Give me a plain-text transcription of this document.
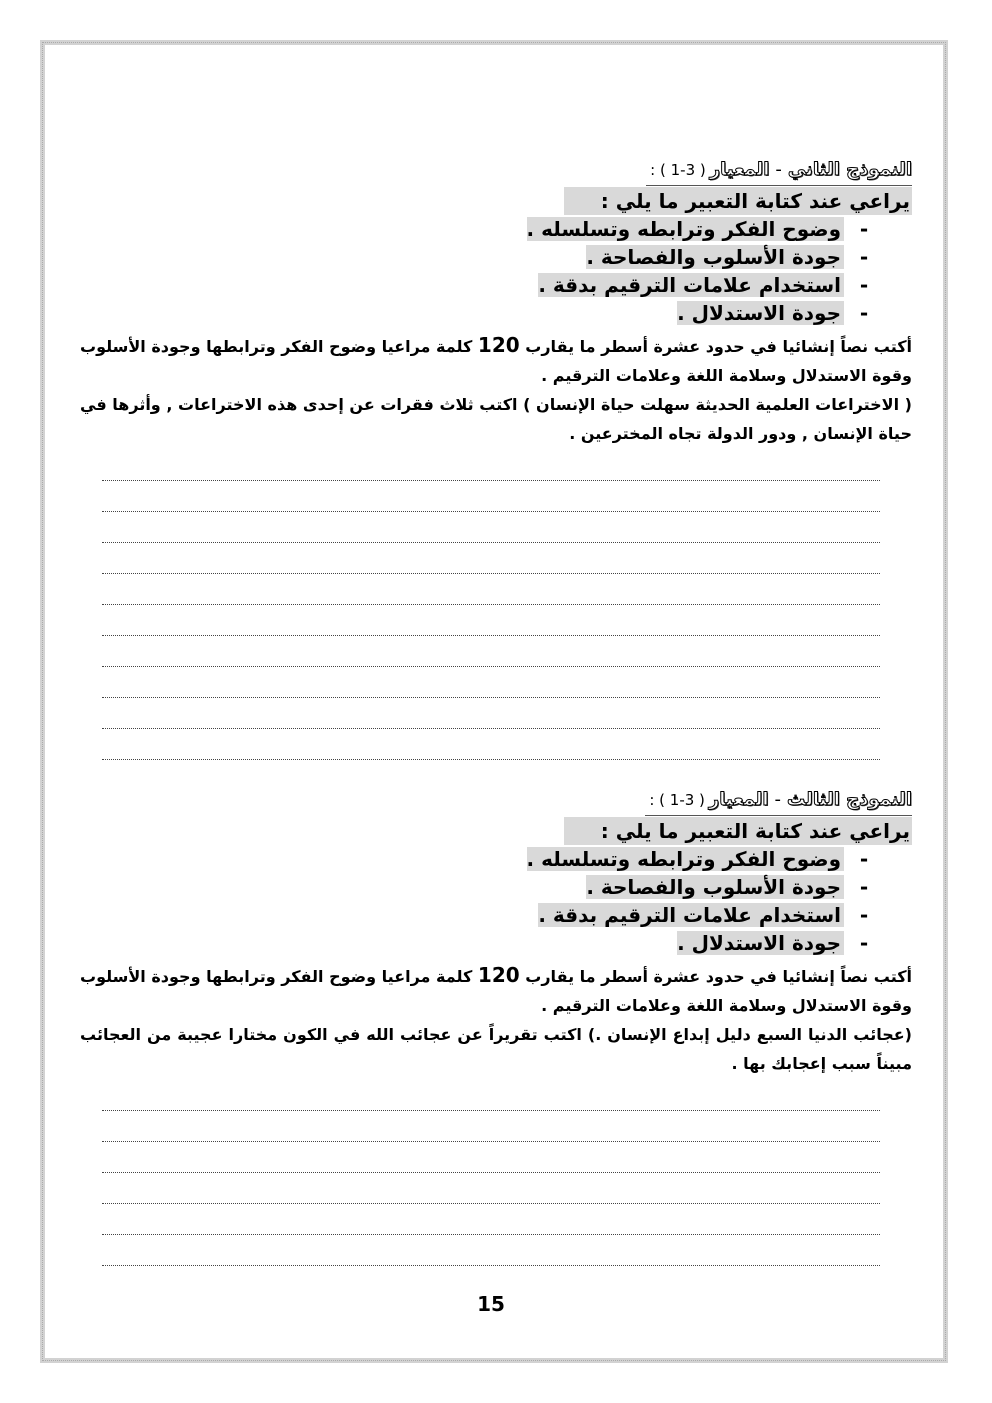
النموذج الثاني-المعيار( 3-1 ) :
يراعي عند كتابة التعبير ما يلي :
-وضوح الفكر وترابطه وتسلسله .
-جودة الأسلوب والفصاحة .
-استخدام علامات الترقيم بدقة .
-جودة الاستدلال .
أكتب نصاً إنشائيا في حدود عشرة أسطر ما يقارب 120 كلمة مراعيا وضوح الفكر وترابطها وجودة الأسلوب وقوة الاستدلال وسلامة اللغة وعلامات الترقيم .
( الاختراعات العلمية الحديثة سهلت حياة الإنسان ) اكتب ثلاث فقرات عن إحدى هذه الاختراعات , وأثرها في حياة الإنسان , ودور الدولة تجاه المخترعين .
النموذج الثالث-المعيار( 3-1 ) :
يراعي عند كتابة التعبير ما يلي :
-وضوح الفكر وترابطه وتسلسله .
-جودة الأسلوب والفصاحة .
-استخدام علامات الترقيم بدقة .
-جودة الاستدلال .
أكتب نصاً إنشائيا في حدود عشرة أسطر ما يقارب 120 كلمة مراعيا وضوح الفكر وترابطها وجودة الأسلوب وقوة الاستدلال وسلامة اللغة وعلامات الترقيم .
(عجائب الدنيا السبع دليل إبداع الإنسان .) اكتب تقريراً عن عجائب الله في الكون مختارا عجيبة من العجائب مبيناً سبب إعجابك بها .
15
